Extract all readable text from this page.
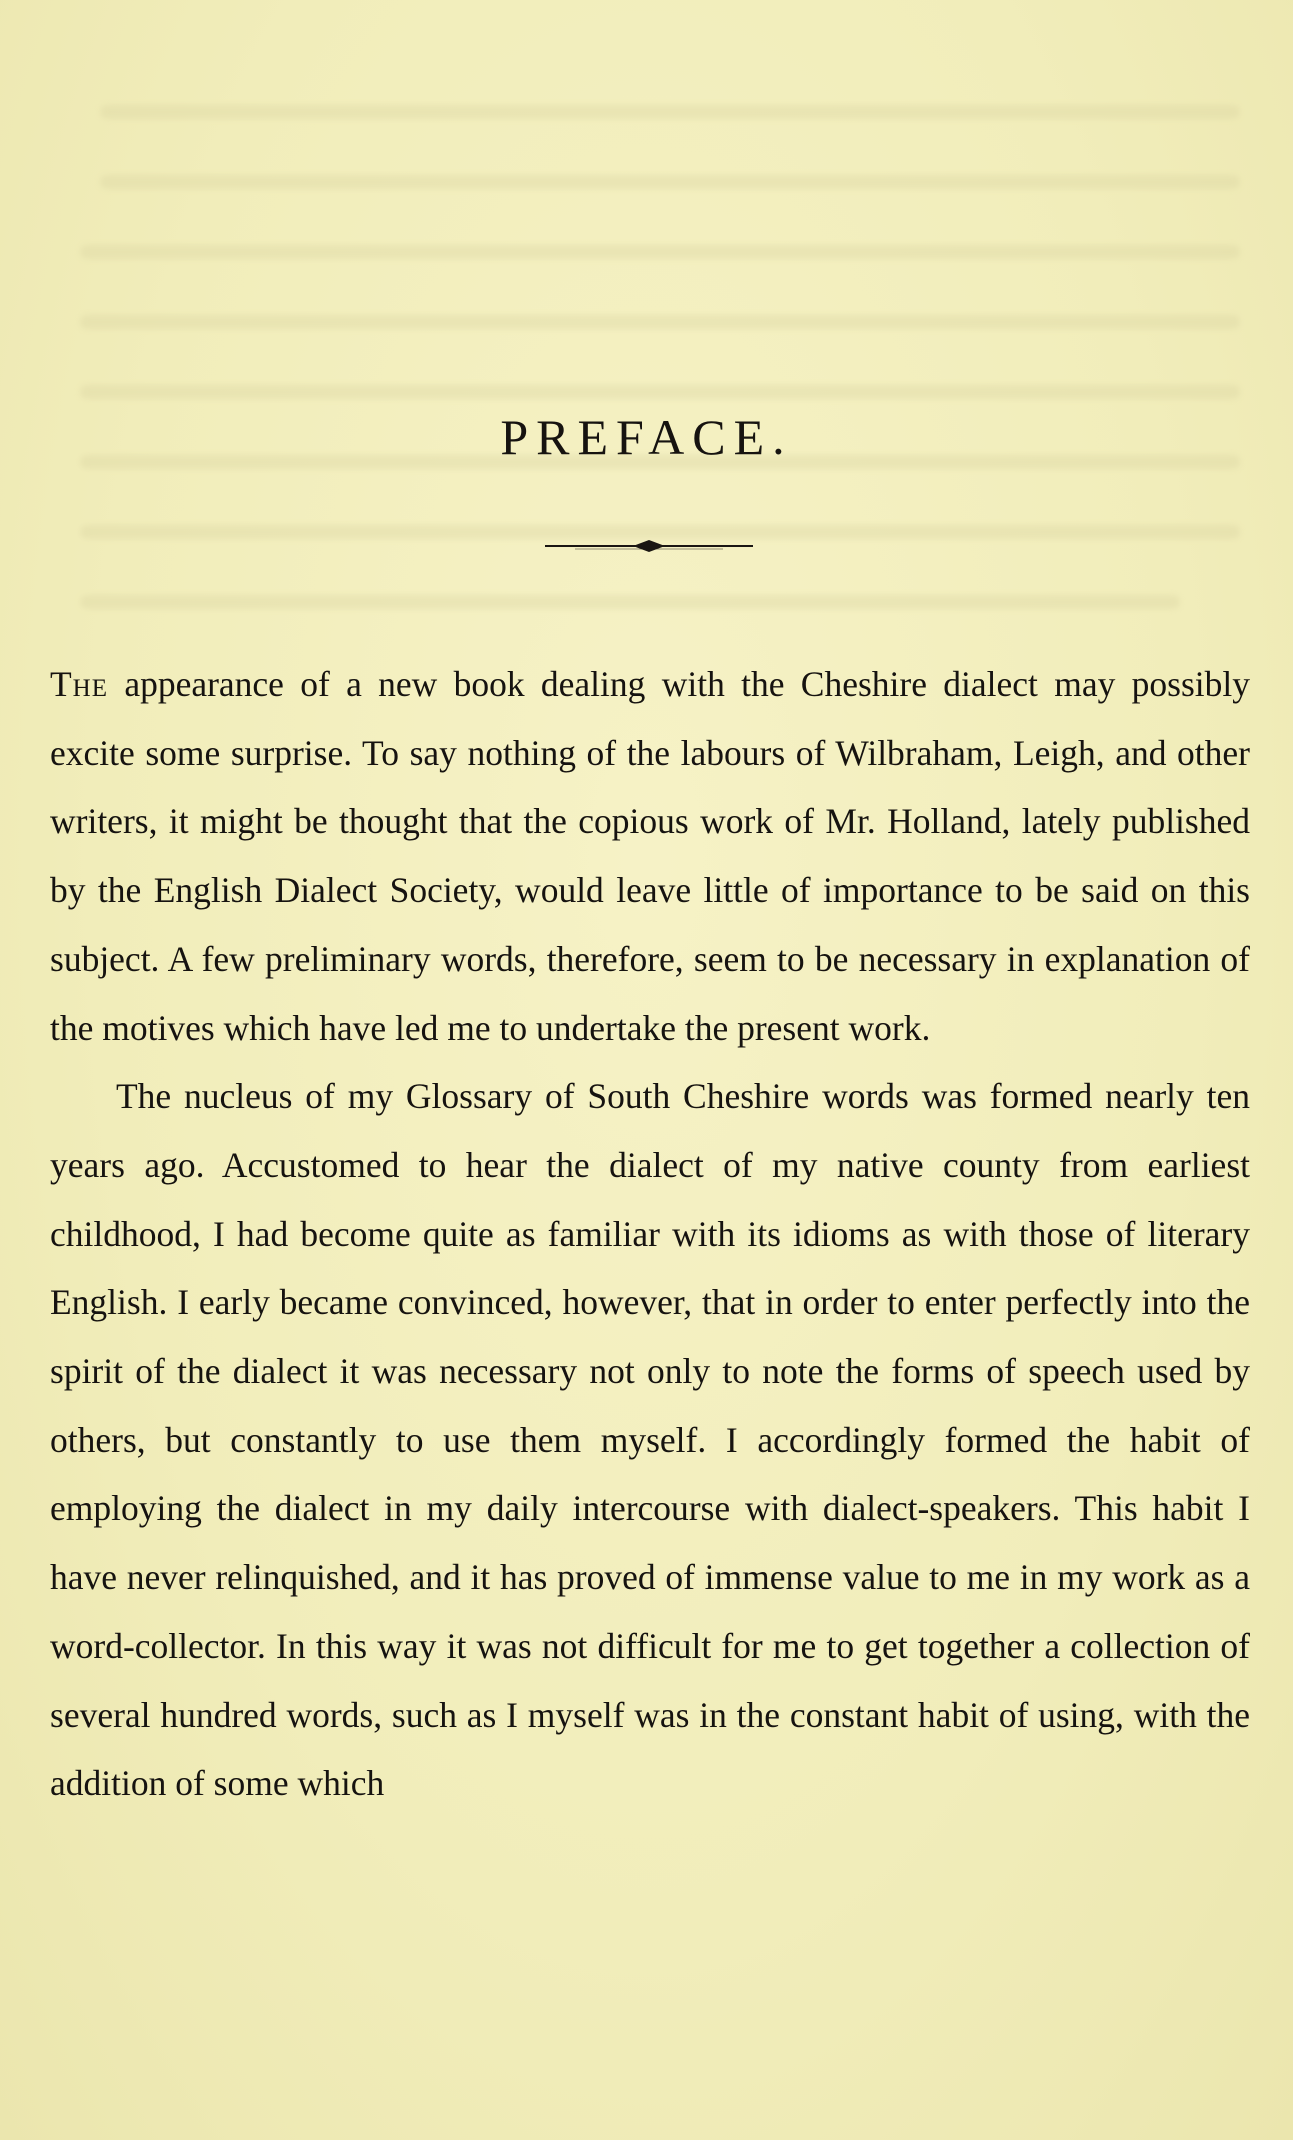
PREFACE.

The appearance of a new book dealing with the Cheshire dialect may possibly excite some surprise. To say nothing of the labours of Wilbraham, Leigh, and other writers, it might be thought that the copious work of Mr. Holland, lately published by the English Dialect Society, would leave little of importance to be said on this subject. A few preliminary words, therefore, seem to be necessary in explanation of the motives which have led me to undertake the present work.

The nucleus of my Glossary of South Cheshire words was formed nearly ten years ago. Accustomed to hear the dialect of my native county from earliest childhood, I had become quite as familiar with its idioms as with those of literary English. I early became convinced, however, that in order to enter perfectly into the spirit of the dialect it was necessary not only to note the forms of speech used by others, but constantly to use them myself. I accordingly formed the habit of employing the dialect in my daily intercourse with dialect-speakers. This habit I have never relinquished, and it has proved of immense value to me in my work as a word-collector. In this way it was not difficult for me to get together a collection of several hundred words, such as I myself was in the constant habit of using, with the addition of some which
